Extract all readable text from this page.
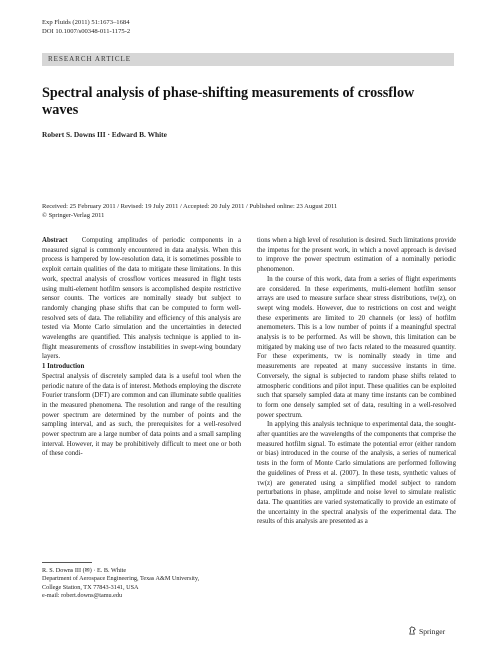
Exp Fluids (2011) 51:1673–1684
DOI 10.1007/s00348-011-1175-2
RESEARCH ARTICLE
Spectral analysis of phase-shifting measurements of crossflow waves
Robert S. Downs III · Edward B. White
Received: 25 February 2011 / Revised: 19 July 2011 / Accepted: 20 July 2011 / Published online: 23 August 2011
© Springer-Verlag 2011

Abstract Computing amplitudes of periodic components in a measured signal is commonly encountered in data analysis. When this process is hampered by low-resolution data, it is sometimes possible to exploit certain qualities of the data to mitigate these limitations. In this work, spectral analysis of crossflow vortices measured in flight tests using multi-element hotfilm sensors is accomplished despite restrictive sensor counts. The vortices are nominally steady but subject to randomly changing phase shifts that can be computed to form well-resolved sets of data. The reliability and efficiency of this analysis are tested via Monte Carlo simulation and the uncertainties in detected wavelengths are quantified. This analysis technique is applied to in-flight measurements of crossflow instabilities in swept-wing boundary layers.

1 Introduction

Spectral analysis of discretely sampled data is a useful tool when the periodic nature of the data is of interest. Methods employing the discrete Fourier transform (DFT) are common and can illuminate subtle qualities in the measured phenomena. The resolution and range of the resulting power spectrum are determined by the number of points and the sampling interval, and as such, the prerequisites for a well-resolved power spectrum are a large number of data points and a small sampling interval. However, it may be prohibitively difficult to meet one or both of these condi-

tions when a high level of resolution is desired. Such limitations provide the impetus for the present work, in which a novel approach is devised to improve the power spectrum estimation of a nominally periodic phenomenon.

In the course of this work, data from a series of flight experiments are considered. In these experiments, multi-element hotfilm sensor arrays are used to measure surface shear stress distributions, τw(z), on swept wing models. However, due to restrictions on cost and weight these experiments are limited to 20 channels (or less) of hotfilm anemometers. This is a low number of points if a meaningful spectral analysis is to be performed. As will be shown, this limitation can be mitigated by making use of two facts related to the measured quantity. For these experiments, τw is nominally steady in time and measurements are repeated at many successive instants in time. Conversely, the signal is subjected to random phase shifts related to atmospheric conditions and pilot input. These qualities can be exploited such that sparsely sampled data at many time instants can be combined to form one densely sampled set of data, resulting in a well-resolved power spectrum.

In applying this analysis technique to experimental data, the sought-after quantities are the wavelengths of the components that comprise the measured hotfilm signal. To estimate the potential error (either random or bias) introduced in the course of the analysis, a series of numerical tests in the form of Monte Carlo simulations are performed following the guidelines of Press et al. (2007). In these tests, synthetic values of τw(z) are generated using a simplified model subject to random perturbations in phase, amplitude and noise level to simulate realistic data. The quantities are varied systematically to provide an estimate of the uncertainty in the spectral analysis of the experimental data. The results of this analysis are presented as a

R. S. Downs III (✉) · E. B. White
Department of Aerospace Engineering, Texas A&M University,
College Station, TX 77843-3141, USA
e-mail: robert.downs@tamu.edu
Springer
